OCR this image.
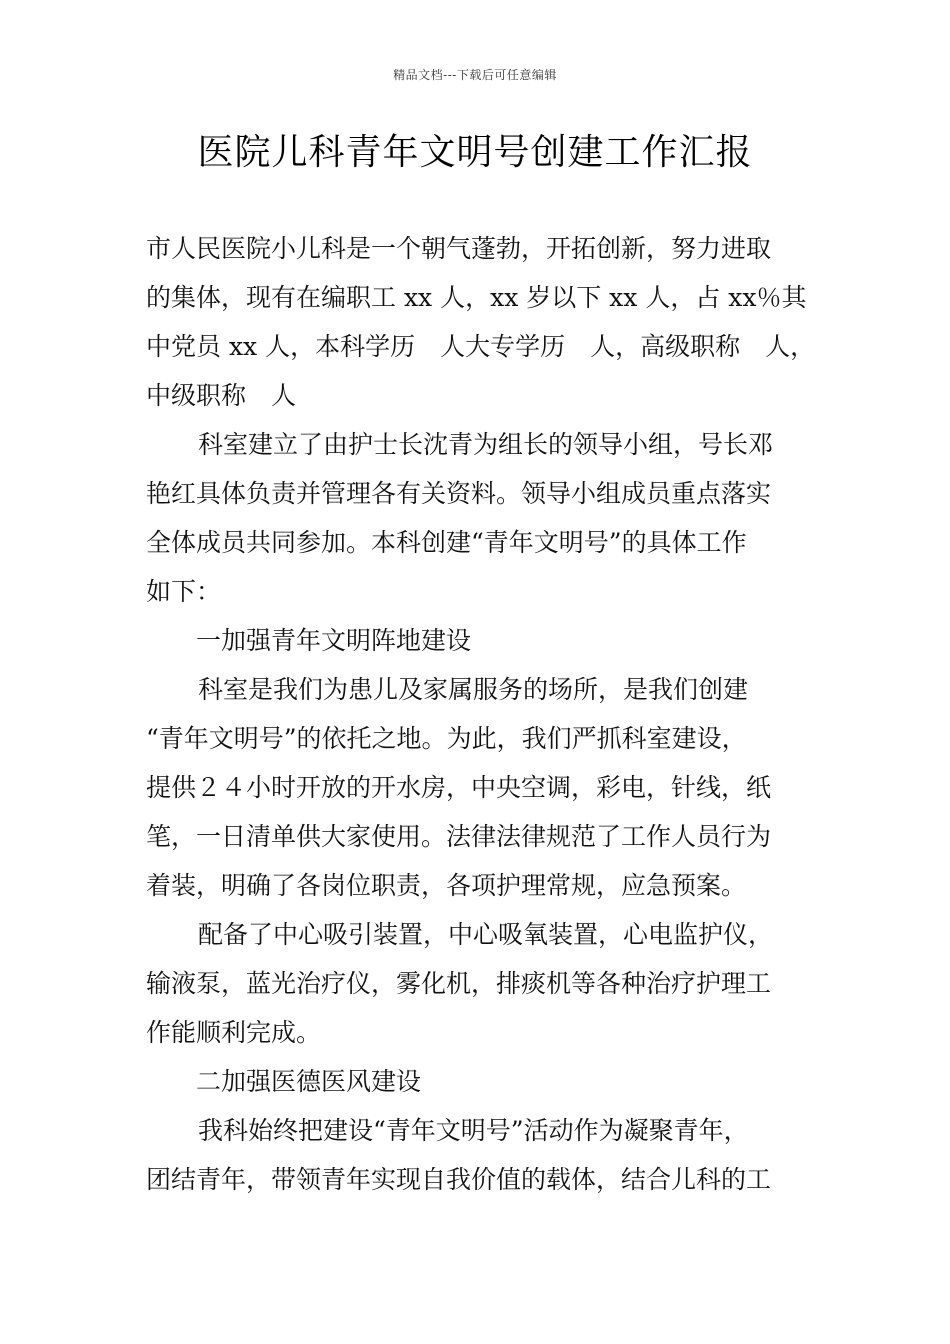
精品文档---下载后可任意编辑
医院儿科青年文明号创建工作汇报
市人民医院小儿科是一个朝气蓬勃，开拓创新，努力进取
的集体，现有在编职工 xx 人，xx 岁以下 xx 人，占 xx％其
中党员 xx 人，本科学历　人大专学历　人，高级职称　人，
中级职称　人
科室建立了由护士长沈青为组长的领导小组，号长邓
艳红具体负责并管理各有关资料。领导小组成员重点落实
全体成员共同参加。本科创建“青年文明号”的具体工作
如下：
一加强青年文明阵地建设
科室是我们为患儿及家属服务的场所，是我们创建
“青年文明号”的依托之地。为此，我们严抓科室建设，
提供２４小时开放的开水房，中央空调，彩电，针线，纸
笔，一日清单供大家使用。法律法律规范了工作人员行为
着装，明确了各岗位职责，各项护理常规，应急预案。
配备了中心吸引装置，中心吸氧装置，心电监护仪，
输液泵，蓝光治疗仪，雾化机，排痰机等各种治疗护理工
作能顺利完成。
二加强医德医风建设
我科始终把建设“青年文明号”活动作为凝聚青年，
团结青年，带领青年实现自我价值的载体，结合儿科的工
